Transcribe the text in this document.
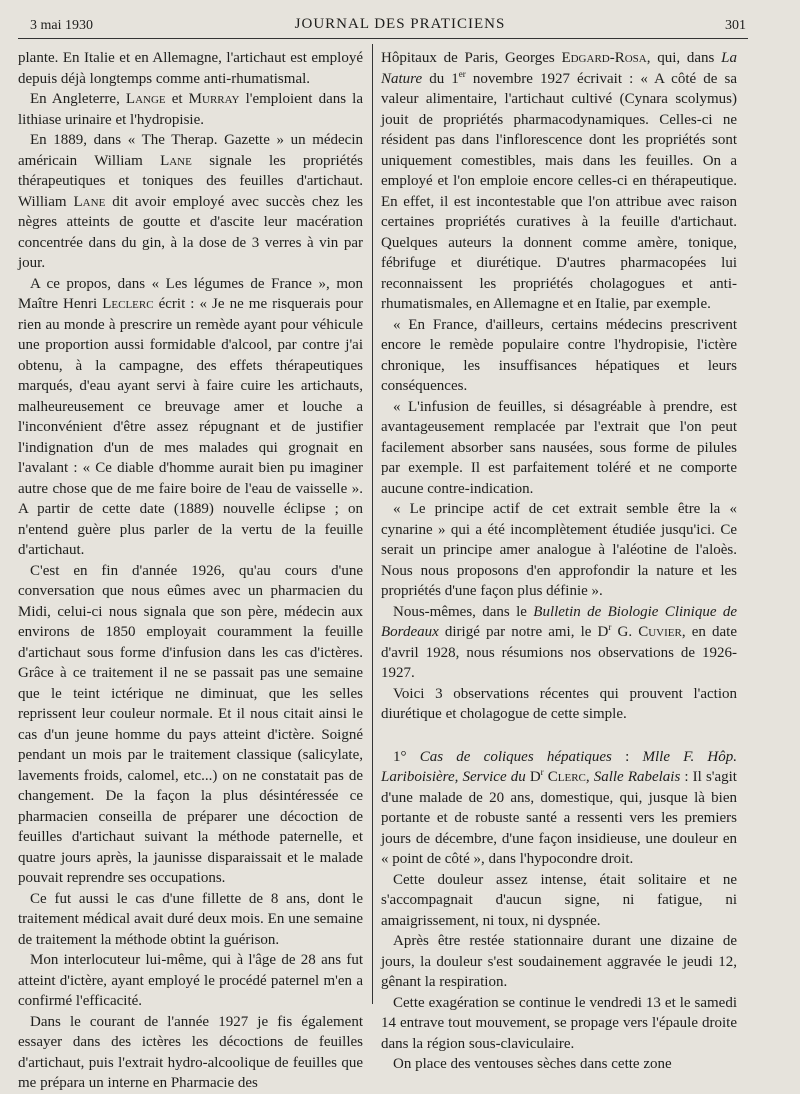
3 mai 1930	JOURNAL DES PRATICIENS	301

plante. En Italie et en Allemagne, l'artichaut est employé depuis déjà longtemps comme anti-rhumatismal.

En Angleterre, Lange et Murray l'emploient dans la lithiase urinaire et l'hydropisie.

En 1889, dans « The Therap. Gazette » un médecin américain William Lane signale les propriétés thérapeutiques et toniques des feuilles d'artichaut. William Lane dit avoir employé avec succès chez les nègres atteints de goutte et d'ascite leur macération concentrée dans du gin, à la dose de 3 verres à vin par jour.

A ce propos, dans « Les légumes de France », mon Maître Henri Leclerc écrit : « Je ne me risquerais pour rien au monde à prescrire un remède ayant pour véhicule une proportion aussi formidable d'alcool, par contre j'ai obtenu, à la campagne, des effets thérapeutiques marqués, d'eau ayant servi à faire cuire les artichauts, malheureusement ce breuvage amer et louche a l'inconvénient d'être assez répugnant et de justifier l'indignation d'un de mes malades qui grognait en l'avalant : « Ce diable d'homme aurait bien pu imaginer autre chose que de me faire boire de l'eau de vaisselle ». A partir de cette date (1889) nouvelle éclipse ; on n'entend guère plus parler de la vertu de la feuille d'artichaut.

C'est en fin d'année 1926, qu'au cours d'une conversation que nous eûmes avec un pharmacien du Midi, celui-ci nous signala que son père, médecin aux environs de 1850 employait couramment la feuille d'artichaut sous forme d'infusion dans les cas d'ictères. Grâce à ce traitement il ne se passait pas une semaine que le teint ictérique ne diminuat, que les selles reprissent leur couleur normale. Et il nous citait ainsi le cas d'un jeune homme du pays atteint d'ictère. Soigné pendant un mois par le traitement classique (salicylate, lavements froids, calomel, etc...) on ne constatait pas de changement. De la façon la plus désintéressée ce pharmacien conseilla de préparer une décoction de feuilles d'artichaut suivant la méthode paternelle, et quatre jours après, la jaunisse disparaissait et le malade pouvait reprendre ses occupations.

Ce fut aussi le cas d'une fillette de 8 ans, dont le traitement médical avait duré deux mois. En une semaine de traitement la méthode obtint la guérison.

Mon interlocuteur lui-même, qui à l'âge de 28 ans fut atteint d'ictère, ayant employé le procédé paternel m'en a confirmé l'efficacité.

Dans le courant de l'année 1927 je fis également essayer dans des ictères les décoctions de feuilles d'artichaut, puis l'extrait hydro-alcoolique de feuilles que me prépara un interne en Pharmacie des

Hôpitaux de Paris, Georges Edgard-Rosa, qui, dans La Nature du 1er novembre 1927 écrivait : « A côté de sa valeur alimentaire, l'artichaut cultivé (Cynara scolymus) jouit de propriétés pharmacodynamiques. Celles-ci ne résident pas dans l'inflorescence dont les propriétés sont uniquement comestibles, mais dans les feuilles. On a employé et l'on emploie encore celles-ci en thérapeutique. En effet, il est incontestable que l'on attribue avec raison certaines propriétés curatives à la feuille d'artichaut. Quelques auteurs la donnent comme amère, tonique, fébrifuge et diurétique. D'autres pharmacopées lui reconnaissent les propriétés cholagogues et anti-rhumatismales, en Allemagne et en Italie, par exemple.

« En France, d'ailleurs, certains médecins prescrivent encore le remède populaire contre l'hydropisie, l'ictère chronique, les insuffisances hépatiques et leurs conséquences.

« L'infusion de feuilles, si désagréable à prendre, est avantageusement remplacée par l'extrait que l'on peut facilement absorber sans nausées, sous forme de pilules par exemple. Il est parfaitement toléré et ne comporte aucune contre-indication.

« Le principe actif de cet extrait semble être la « cynarine » qui a été incomplètement étudiée jusqu'ici. Ce serait un principe amer analogue à l'aléotine de l'aloès. Nous nous proposons d'en approfondir la nature et les propriétés d'une façon plus définie ».

Nous-mêmes, dans le Bulletin de Biologie Clinique de Bordeaux dirigé par notre ami, le $D^r$ G. Cuvier, en date d'avril 1928, nous résumions nos observations de 1926-1927.

Voici 3 observations récentes qui prouvent l'action diurétique et cholagogue de cette simple.

1° Cas de coliques hépatiques : Mlle F. Hôp. Lariboisière, Service du $D^r$ Clerc, Salle Rabelais : Il s'agit d'une malade de 20 ans, domestique, qui, jusque là bien portante et de robuste santé a ressenti vers les premiers jours de décembre, d'une façon insidieuse, une douleur en « point de côté », dans l'hypocondre droit.

Cette douleur assez intense, était solitaire et ne s'accompagnait d'aucun signe, ni fatigue, ni amaigrissement, ni toux, ni dyspnée.

Après être restée stationnaire durant une dizaine de jours, la douleur s'est soudainement aggravée le jeudi 12, gênant la respiration.

Cette exagération se continue le vendredi 13 et le samedi 14 entrave tout mouvement, se propage vers l'épaule droite dans la région sous-claviculaire.

On place des ventouses sèches dans cette zone
